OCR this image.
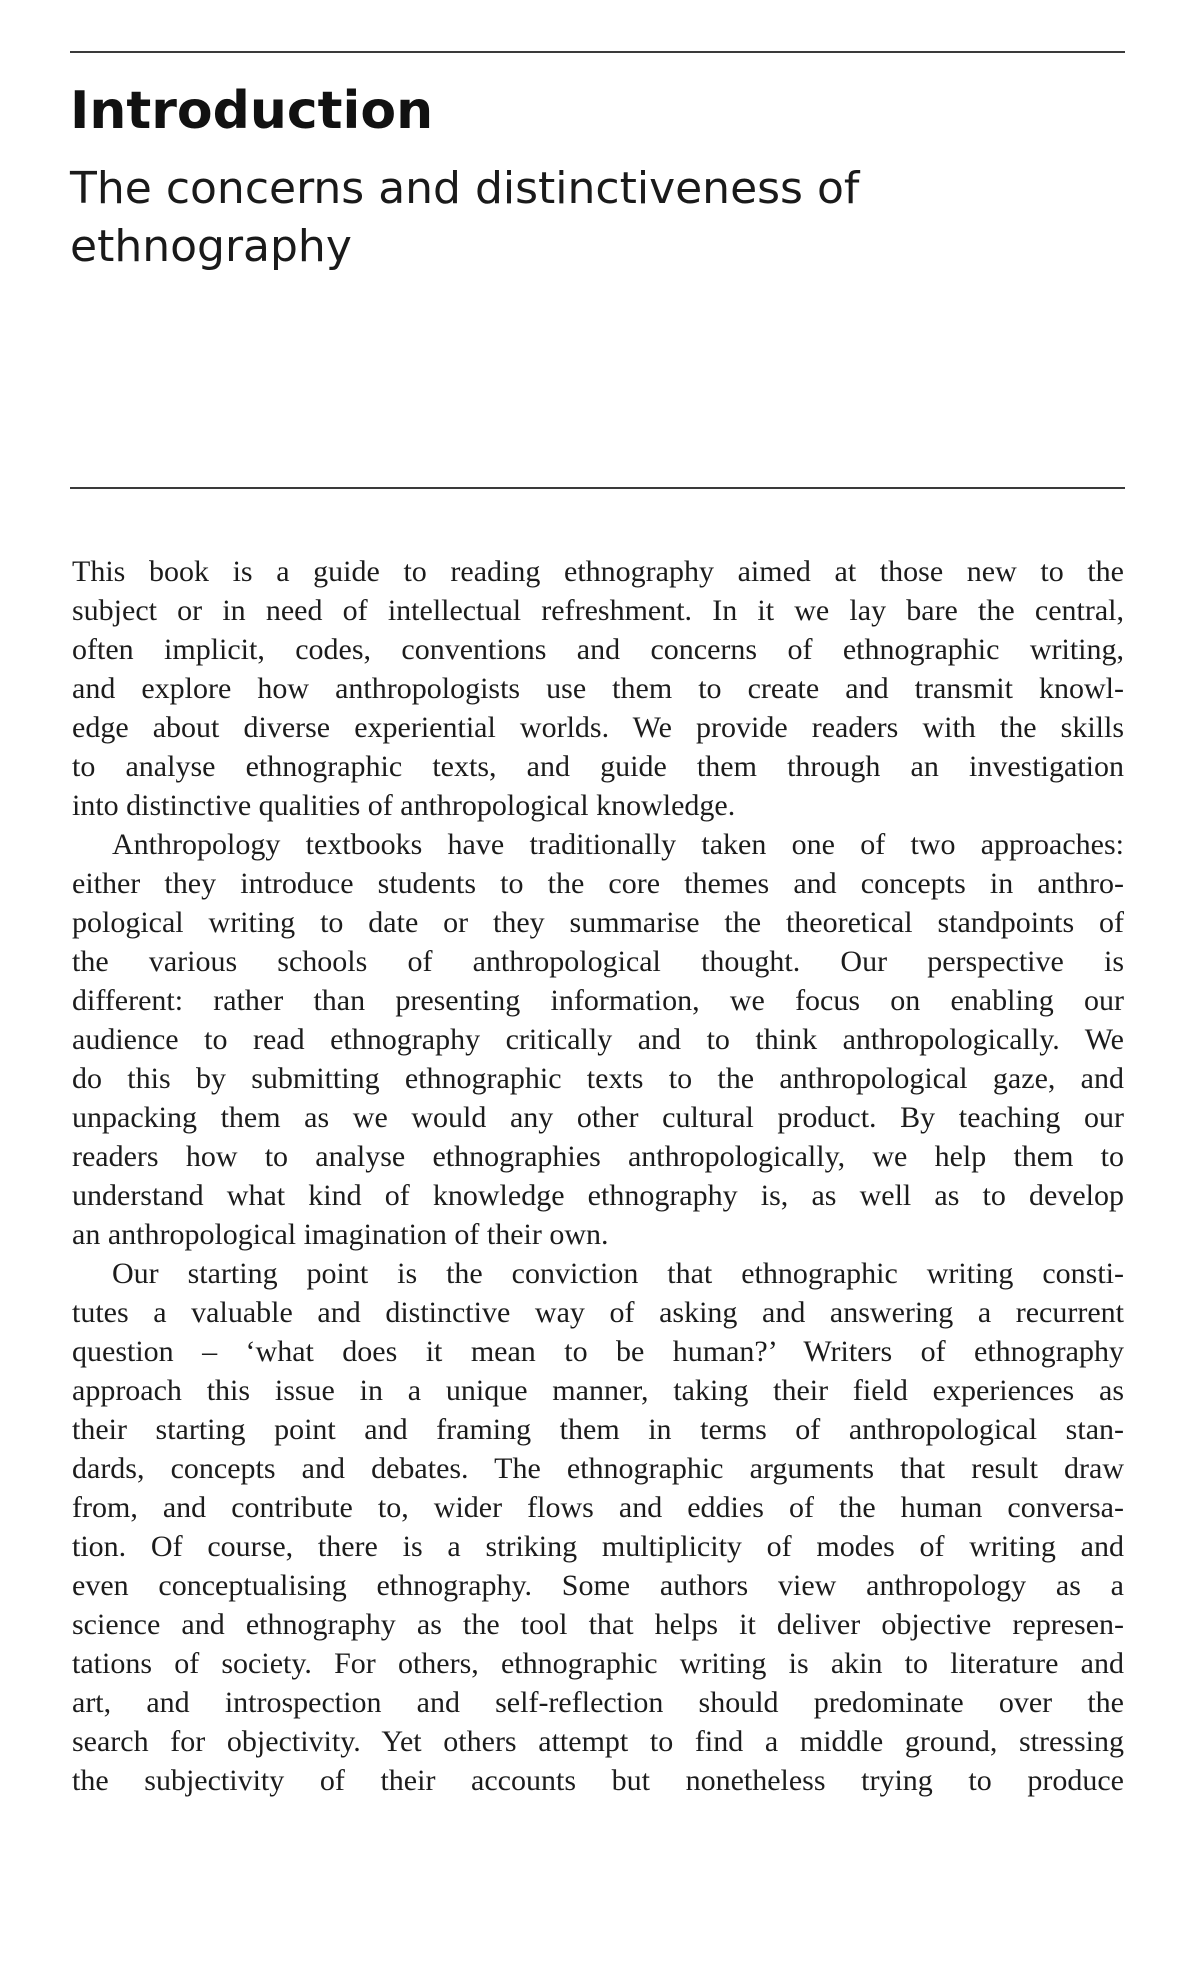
Introduction
The concerns and distinctiveness of
ethnography

This book is a guide to reading ethnography aimed at those new to the
subject or in need of intellectual refreshment. In it we lay bare the central,
often implicit, codes, conventions and concerns of ethnographic writing,
and explore how anthropologists use them to create and transmit knowl-
edge about diverse experiential worlds. We provide readers with the skills
to analyse ethnographic texts, and guide them through an investigation
into distinctive qualities of anthropological knowledge.

Anthropology textbooks have traditionally taken one of two approaches:
either they introduce students to the core themes and concepts in anthro-
pological writing to date or they summarise the theoretical standpoints of
the various schools of anthropological thought. Our perspective is
different: rather than presenting information, we focus on enabling our
audience to read ethnography critically and to think anthropologically. We
do this by submitting ethnographic texts to the anthropological gaze, and
unpacking them as we would any other cultural product. By teaching our
readers how to analyse ethnographies anthropologically, we help them to
understand what kind of knowledge ethnography is, as well as to develop
an anthropological imagination of their own.

Our starting point is the conviction that ethnographic writing consti-
tutes a valuable and distinctive way of asking and answering a recurrent
question – ‘what does it mean to be human?’ Writers of ethnography
approach this issue in a unique manner, taking their field experiences as
their starting point and framing them in terms of anthropological stan-
dards, concepts and debates. The ethnographic arguments that result draw
from, and contribute to, wider flows and eddies of the human conversa-
tion. Of course, there is a striking multiplicity of modes of writing and
even conceptualising ethnography. Some authors view anthropology as a
science and ethnography as the tool that helps it deliver objective represen-
tations of society. For others, ethnographic writing is akin to literature and
art, and introspection and self-reflection should predominate over the
search for objectivity. Yet others attempt to find a middle ground, stressing
the subjectivity of their accounts but nonetheless trying to produce
